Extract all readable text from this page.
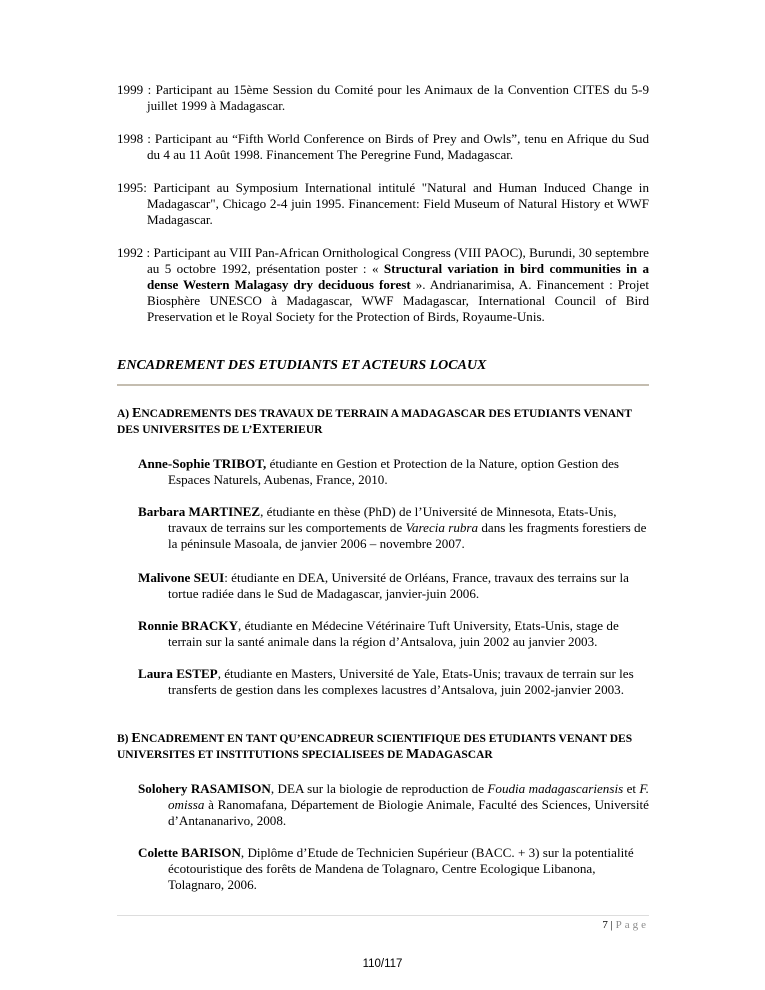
1999 : Participant au 15ème Session du Comité pour les Animaux de la Convention CITES du 5-9 juillet 1999 à Madagascar.
1998 : Participant au “Fifth World Conference on Birds of Prey and Owls”, tenu en Afrique du Sud du 4 au 11 Août 1998. Financement The Peregrine Fund, Madagascar.
1995: Participant au Symposium International intitulé "Natural and Human Induced Change in Madagascar", Chicago 2-4 juin 1995. Financement: Field Museum of Natural History et WWF Madagascar.
1992 : Participant au VIII Pan-African Ornithological Congress (VIII PAOC), Burundi, 30 septembre au 5 octobre 1992, présentation poster : « Structural variation in bird communities in a dense Western Malagasy dry deciduous forest ». Andrianarimisa, A. Financement : Projet Biosphère UNESCO à Madagascar, WWF Madagascar, International Council of Bird Preservation et le Royal Society for the Protection of Birds, Royaume-Unis.
ENCADREMENT DES ETUDIANTS ET ACTEURS LOCAUX
A) ENCADREMENTS DES TRAVAUX DE TERRAIN A MADAGASCAR DES ETUDIANTS VENANT DES UNIVERSITES DE L’EXTERIEUR
Anne-Sophie TRIBOT, étudiante en Gestion et Protection de la Nature, option Gestion des Espaces Naturels, Aubenas, France, 2010.
Barbara MARTINEZ, étudiante en thèse (PhD) de l’Université de Minnesota, Etats-Unis, travaux de terrains sur les comportements de Varecia rubra dans les fragments forestiers de la péninsule Masoala, de janvier 2006 – novembre 2007.
Malivone SEUI: étudiante en DEA, Université de Orléans, France, travaux des terrains sur la tortue radiée dans le Sud de Madagascar, janvier-juin 2006.
Ronnie BRACKY, étudiante en Médecine Vétérinaire Tuft University, Etats-Unis, stage de terrain sur la santé animale dans la région d’Antsalova, juin 2002 au janvier 2003.
Laura ESTEP, étudiante en Masters, Université de Yale, Etats-Unis; travaux de terrain sur les transferts de gestion dans les complexes lacustres d’Antsalova, juin 2002-janvier 2003.
B) ENCADREMENT EN TANT QU’ENCADREUR SCIENTIFIQUE DES ETUDIANTS VENANT DES UNIVERSITES ET INSTITUTIONS SPECIALISEES DE MADAGASCAR
Solohery RASAMISON, DEA sur la biologie de reproduction de Foudia madagascariensis et F. omissa à Ranomafana, Département de Biologie Animale, Faculté des Sciences, Université d’Antananarivo, 2008.
Colette BARISON, Diplôme d’Etude de Technicien Supérieur (BACC. + 3) sur la potentialité écotouristique des forêts de Mandena de Tolagnaro, Centre Ecologique Libanona, Tolagnaro, 2006.
7 | Page
110/117
